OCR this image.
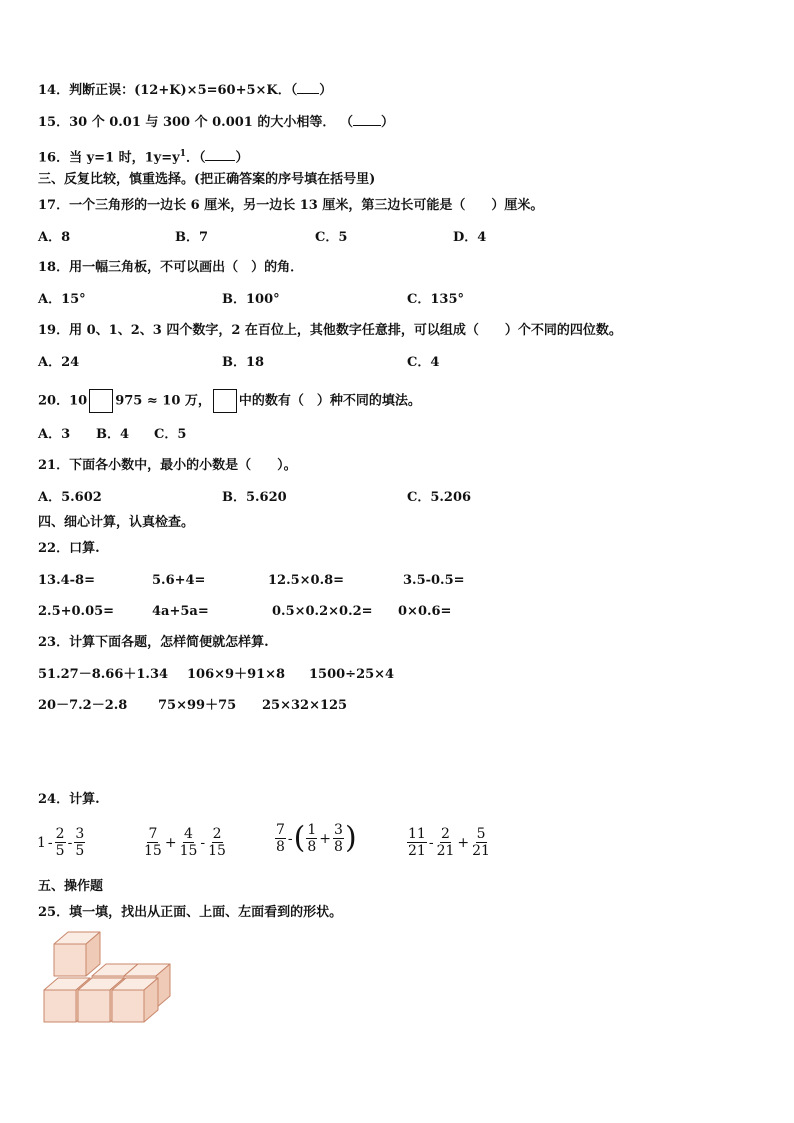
14．判断正误：(12+K)×5=60+5×K．（ ）
15．30 个 0.01 与 300 个 0.001 的大小相等． （ ）
16．当 y=1 时，$1y=y^1$．（ ）
三、反复比较，慎重选择。(把正确答案的序号填在括号里)
17．一个三角形的一边长 6 厘米，另一边长 13 厘米，第三边长可能是（　　）厘米。
A．8	B．7	C．5	D．4
18．用一幅三角板，不可以画出（　）的角．
A．15°	B．100°	C．135°
19．用 0、1、2、3 四个数字，2 在百位上，其他数字任意排，可以组成（　　）个不同的四位数。
A．24	B．18	C．4
20．10 975 ≈ 10 万， 中的数有（　）种不同的填法。
A．3 B．4 C．5
21．下面各小数中，最小的小数是（　　）。
A．5.602	B．5.620	C．5.206
四、细心计算，认真检查。
22．口算.
13.4-8=	5.6+4=	12.5×0.8=	3.5-0.5=
2.5+0.05=	4a+5a=	0.5×0.2×0.2= 0×0.6=
23．计算下面各题，怎样简便就怎样算.
51.27－8.66＋1.34 106×9＋91×8 1500÷25×4
20－7.2－2.8 75×99＋75 25×32×125
24．计算.
$1 - \frac{2}{5} - \frac{3}{5}$	$\frac{7}{15} + \frac{4}{15} - \frac{2}{15}$	$\frac{7}{8}$ -( $\frac{1}{8} + \frac{3}{8}$ )	$\frac{11}{21} - \frac{2}{21} + \frac{5}{21}$
五、操作题
25．填一填，找出从正面、上面、左面看到的形状。
